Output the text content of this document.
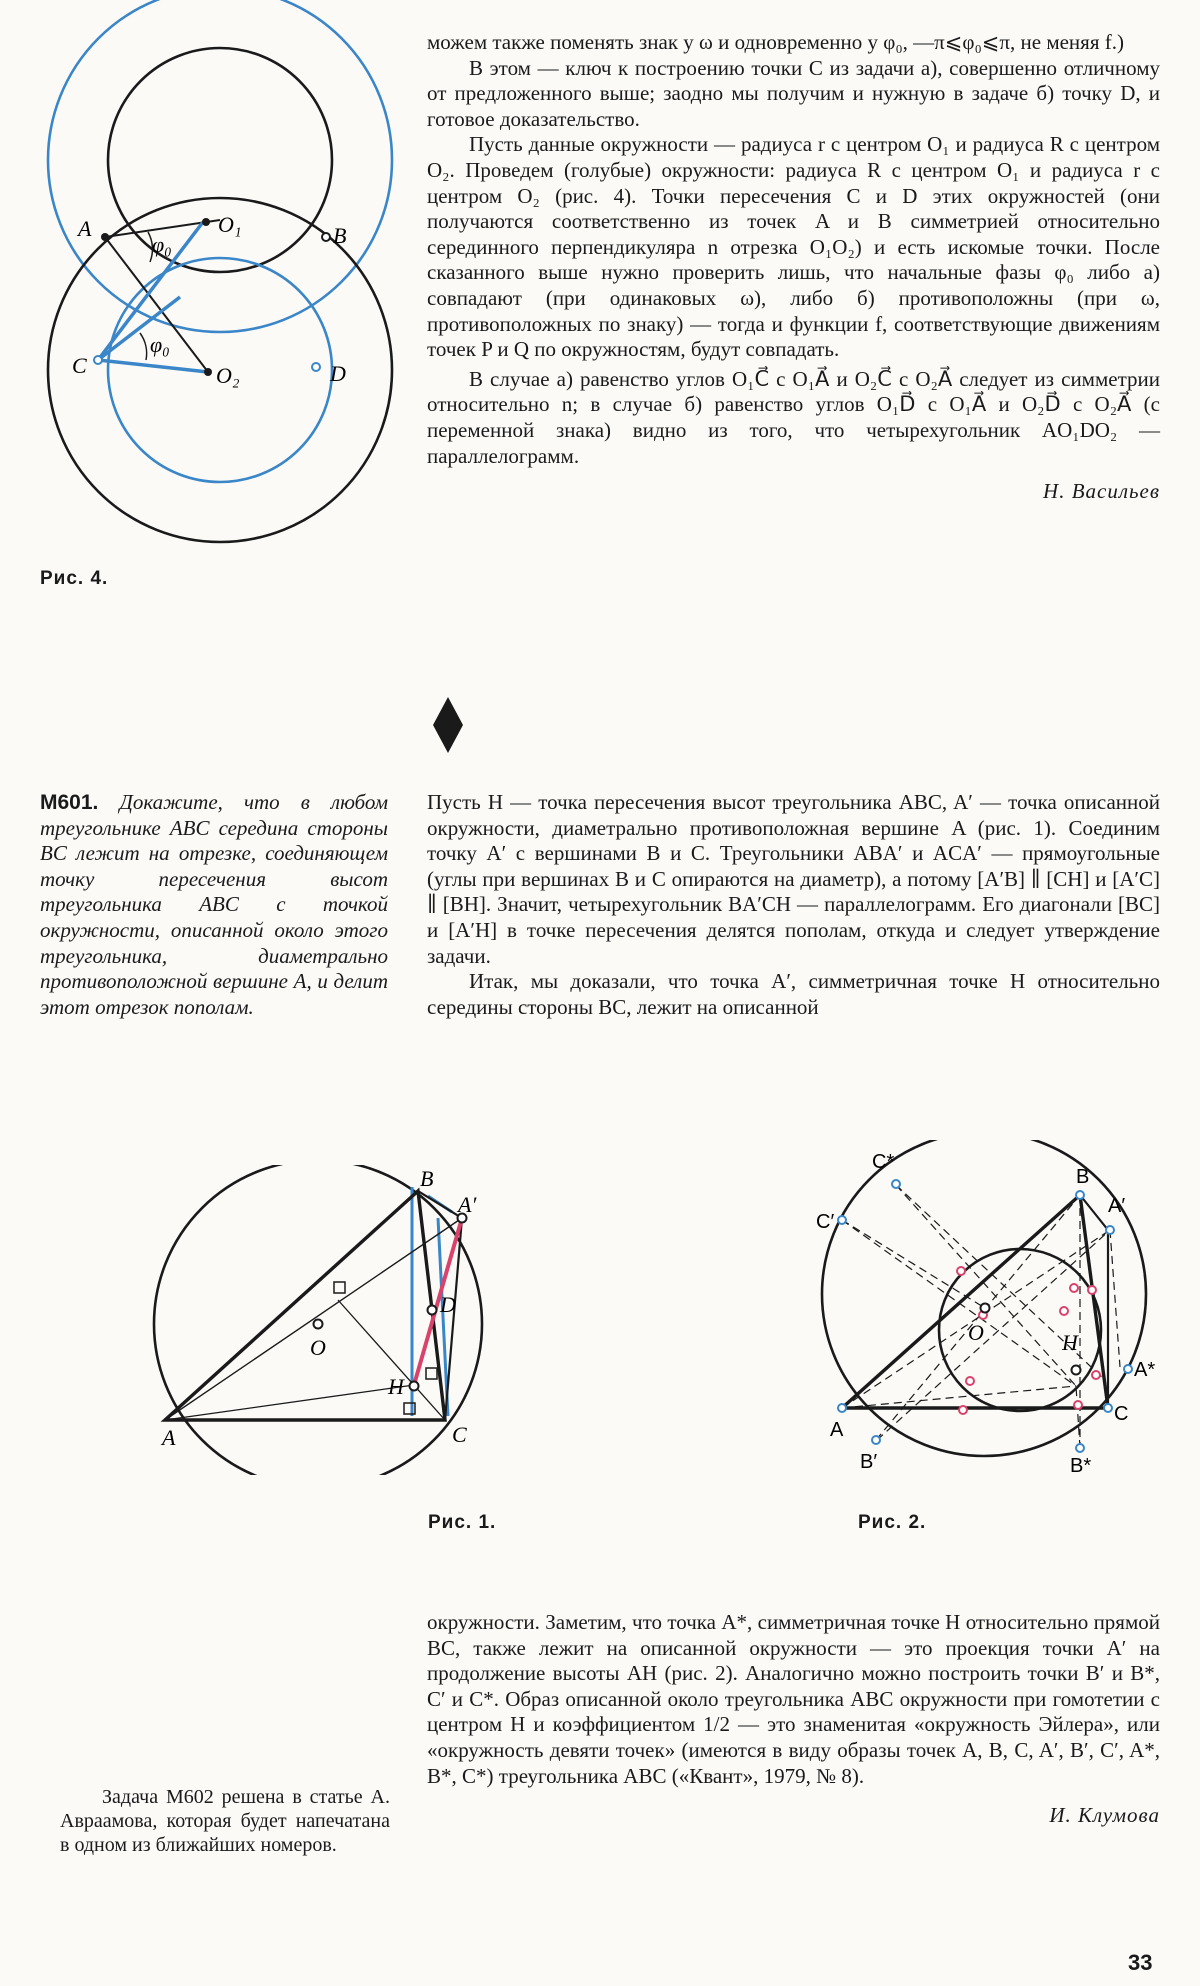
A	B
O₁
O₂
C	D
φ₀
φ₀
Рис. 4.

можем также поменять знак у ω и одновременно у φ₀, —π⩽φ₀⩽π, не меняя f.)

В этом — ключ к построению точки C из задачи а), совершенно отличному от предложенного выше; заодно мы получим и нужную в задаче б) точку D, и готовое доказательство.

Пусть данные окружности — радиуса r с центром O₁ и радиуса R с центром O₂. Проведем (голубые) окружности: радиуса R с центром O₁ и радиуса r с центром O₂ (рис. 4). Точки пересечения C и D этих окружностей (они получаются соответственно из точек A и B симметрией относительно серединного перпендикуляра n отрезка O₁O₂) и есть искомые точки. После сказанного выше нужно проверить лишь, что начальные фазы φ₀ либо а) совпадают (при одинаковых ω), либо б) противоположны (при ω, противоположных по знаку) — тогда и функции f, соответствующие движениям точек P и Q по окружностям, будут совпадать.

В случае а) равенство углов O₁C⃗ с O₁A⃗ и O₂C⃗ с O₂A⃗ следует из симметрии относительно n; в случае б) равенство углов O₁D⃗ с O₁A⃗ и O₂D⃗ с O₂A⃗ (с переменной знака) видно из того, что четырехугольник AO₁DO₂ — параллелограмм.

Н. Васильев
М601. Докажите, что в любом треугольнике ABC середина стороны BC лежит на отрезке, соединяющем точку пересечения высот треугольника ABC с точкой окружности, описанной около этого треугольника, диаметрально противоположной вершине A, и делит этот отрезок пополам.

Пусть H — точка пересечения высот треугольника ABC, A′ — точка описанной окружности, диаметрально противоположная вершине A (рис. 1). Соединим точку A′ с вершинами B и C. Треугольники ABA′ и ACA′ — прямоугольные (углы при вершинах B и C опираются на диаметр), а потому [A′B] ∥ [CH] и [A′C] ∥ [BH]. Значит, четырехугольник BA′CH — параллелограмм. Его диагонали [BC] и [A′H] в точке пересечения делятся пополам, откуда и следует утверждение задачи.

Итак, мы доказали, что точка A′, симметричная точке H относительно середины стороны BC, лежит на описанной

A
B
C
A′
O
D
H
Рис. 1.
A
B
C
A′
B′
C′
A*
B*
C*
O	H
Рис. 2.

окружности. Заметим, что точка A*, симметричная точке H относительно прямой BC, также лежит на описанной окружности — это проекция точки A′ на продолжение высоты AH (рис. 2). Аналогично можно построить точки B′ и B*, C′ и C*. Образ описанной около треугольника ABC окружности при гомотетии с центром H и коэффициентом 1/2 — это знаменитая «окружность Эйлера», или «окружность девяти точек» (имеются в виду образы точек A, B, C, A′, B′, C′, A*, B*, C*) треугольника ABC («Квант», 1979, № 8).

И. Клумова
Задача М602 решена в статье А. Авраамова, которая будет напечатана в одном из ближайших номеров.
33
